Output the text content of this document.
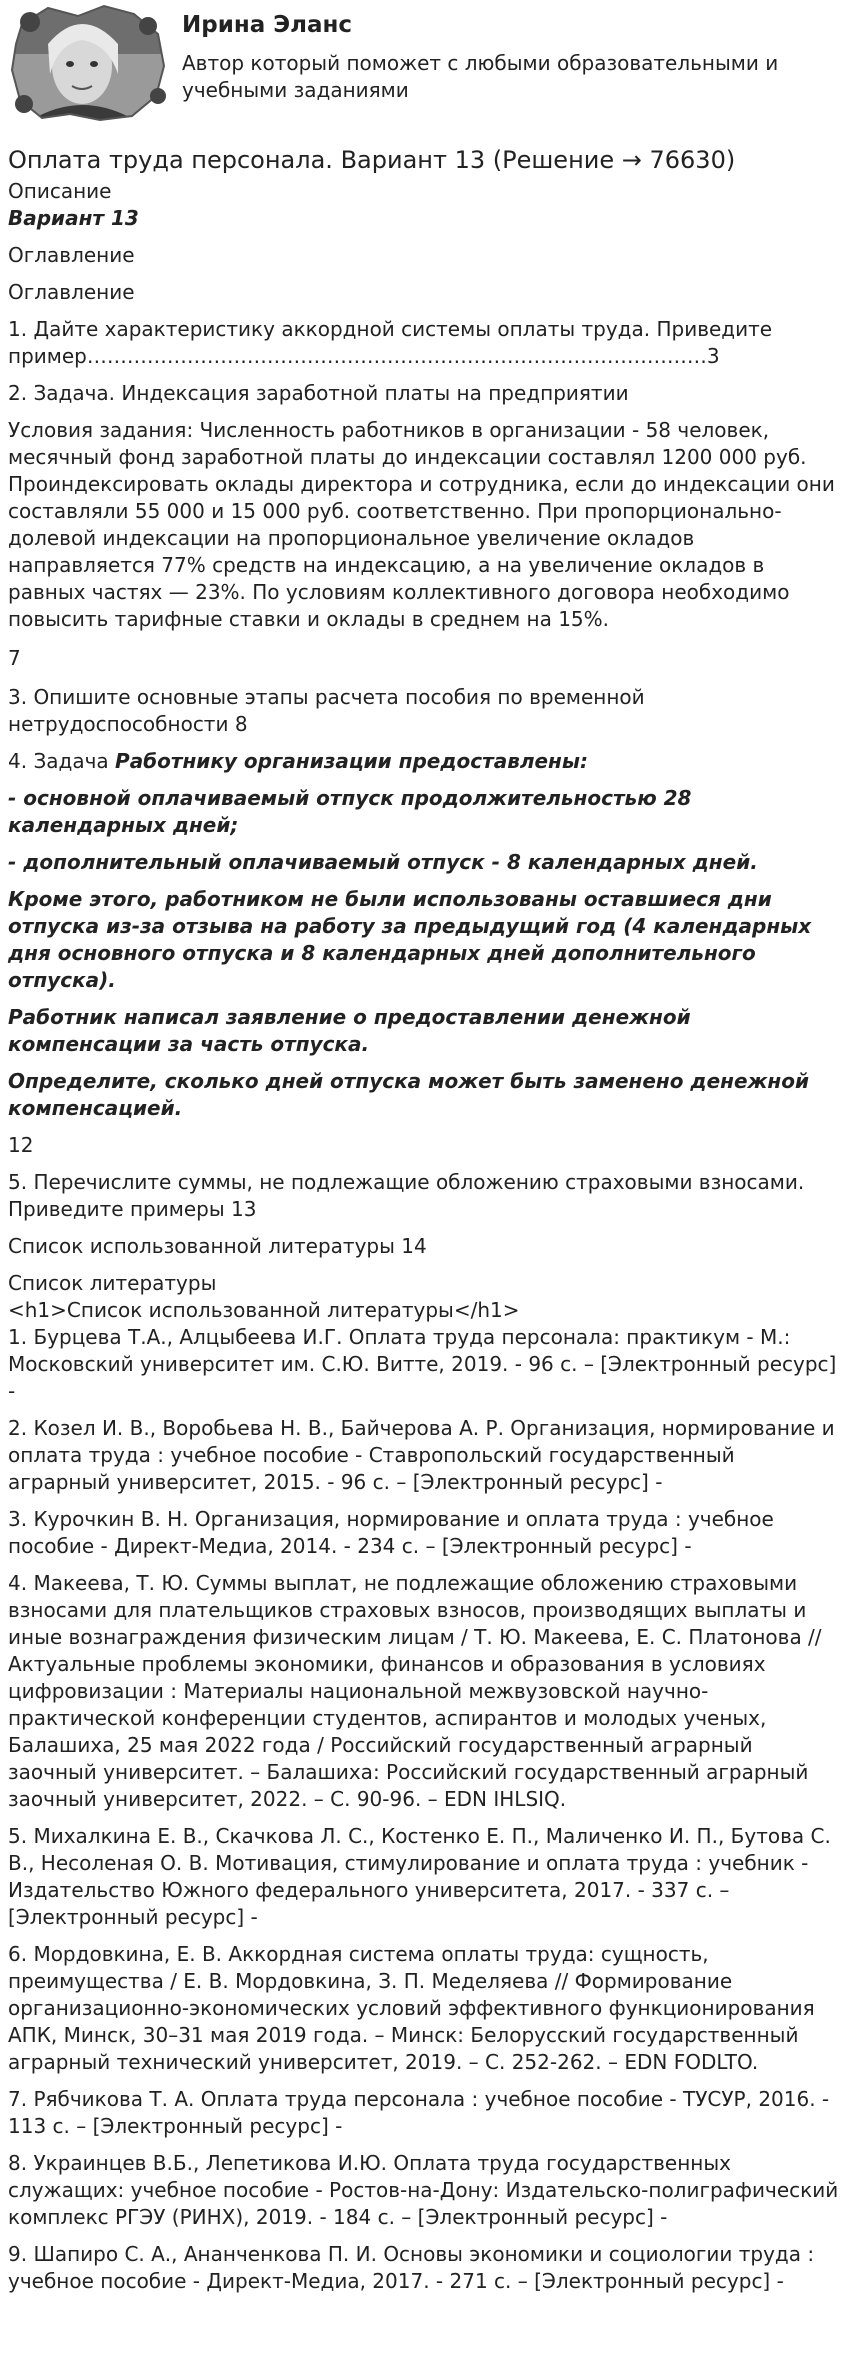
Ирина Эланс
Автор который поможет с любыми образовательными и учебными заданиями
Оплата труда персонала. Вариант 13 (Решение → 76630)
Описание
Вариант 13

Оглавление

Оглавление

1. Дайте характеристику аккордной системы оплаты труда. Приведите пример…………………………………………………………………………………3

2. Задача. Индексация заработной платы на предприятии

Условия задания: Численность работников в организации - 58 человек, месячный фонд заработной платы до индексации составлял 1200 000 руб. Проиндексировать оклады директора и сотрудника, если до индексации они составляли 55 000 и 15 000 руб. соответственно. При пропорционально-долевой индексации на пропорциональное увеличение окладов направляется 77% средств на индексацию, а на увеличение окладов в равных частях — 23%. По условиям коллективного договора необходимо повысить тарифные ставки и оклады в среднем на 15%.

7

3. Опишите основные этапы расчета пособия по временной нетрудоспособности 8

4. Задача Работнику организации предоставлены:

- основной оплачиваемый отпуск продолжительностью 28 календарных дней;

- дополнительный оплачиваемый отпуск - 8 календарных дней.

Кроме этого, работником не были использованы оставшиеся дни отпуска из-за отзыва на работу за предыдущий год (4 календарных дня основного отпуска и 8 календарных дней дополнительного отпуска).

Работник написал заявление о предоставлении денежной компенсации за часть отпуска.

Определите, сколько дней отпуска может быть заменено денежной компенсацией.

12

5. Перечислите суммы, не подлежащие обложению страховыми взносами. Приведите примеры 13

Список использованной литературы 14

Список литературы
<h1>Список использованной литературы</h1>

1. Бурцева Т.А., Алцыбеева И.Г. Оплата труда персонала: практикум - М.: Московский университет им. С.Ю. Витте, 2019. - 96 с. – [Электронный ресурс] -

2. Козел И. В., Воробьева Н. В., Байчерова А. Р. Организация, нормирование и оплата труда : учебное пособие - Ставропольский государственный аграрный университет, 2015. - 96 с. – [Электронный ресурс] -

3. Курочкин В. Н. Организация, нормирование и оплата труда : учебное пособие - Директ-Медиа, 2014. - 234 с. – [Электронный ресурс] -

4. Макеева, Т. Ю. Суммы выплат, не подлежащие обложению страховыми взносами для плательщиков страховых взносов, производящих выплаты и иные вознаграждения физическим лицам / Т. Ю. Макеева, Е. С. Платонова // Актуальные проблемы экономики, финансов и образования в условиях цифровизации : Материалы национальной межвузовской научно-практической конференции студентов, аспирантов и молодых ученых, Балашиха, 25 мая 2022 года / Российский государственный аграрный заочный университет. – Балашиха: Российский государственный аграрный заочный университет, 2022. – С. 90-96. – EDN IHLSIQ.

5. Михалкина Е. В., Скачкова Л. С., Костенко Е. П., Маличенко И. П., Бутова С. В., Несоленая О. В. Мотивация, стимулирование и оплата труда : учебник - Издательство Южного федерального университета, 2017. - 337 с. – [Электронный ресурс] -

6. Мордовкина, Е. В. Аккордная система оплаты труда: сущность, преимущества / Е. В. Мордовкина, З. П. Меделяева // Формирование организационно-экономических условий эффективного функционирования АПК, Минск, 30–31 мая 2019 года. – Минск: Белорусский государственный аграрный технический университет, 2019. – С. 252-262. – EDN FODLTO.

7. Рябчикова Т. А. Оплата труда персонала : учебное пособие - ТУСУР, 2016. - 113 с. – [Электронный ресурс] -

8. Украинцев В.Б., Лепетикова И.Ю. Оплата труда государственных служащих: учебное пособие - Ростов-на-Дону: Издательско-полиграфический комплекс РГЭУ (РИНХ), 2019. - 184 с. – [Электронный ресурс] -

9. Шапиро С. А., Ананченкова П. И. Основы экономики и социологии труда : учебное пособие - Директ-Медиа, 2017. - 271 с. – [Электронный ресурс] -
